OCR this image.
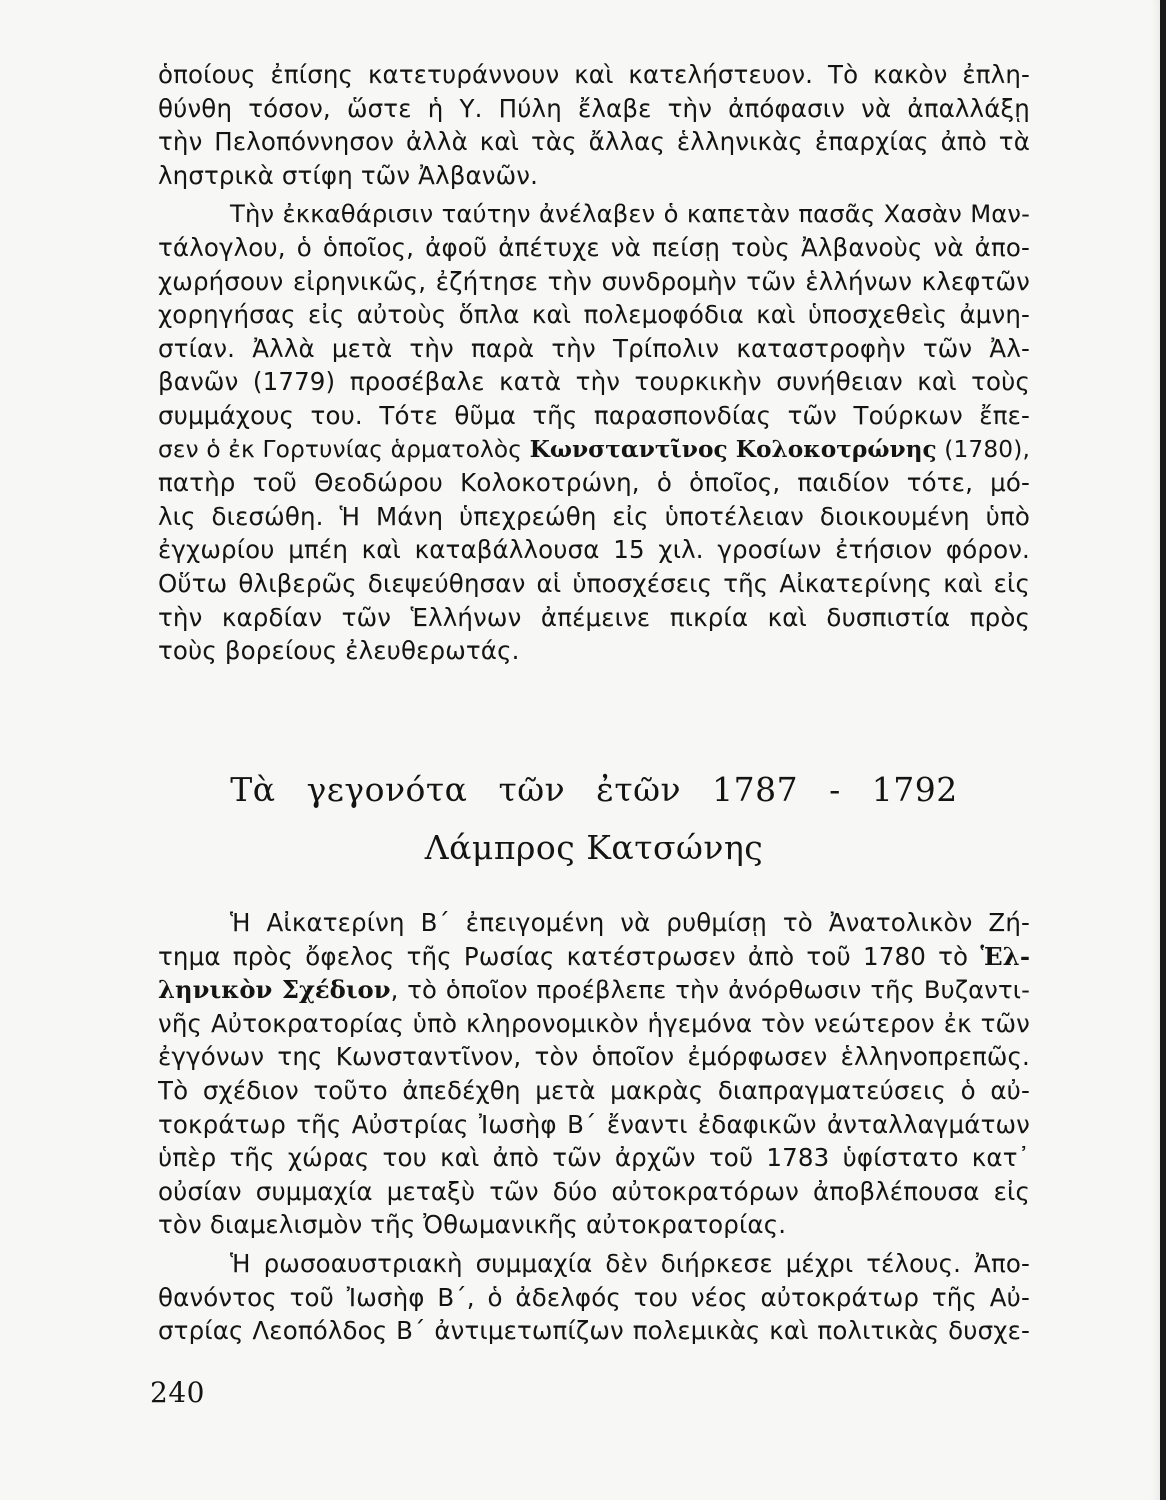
ὁποίους ἐπίσης κατετυράννουν καὶ κατελήστευον. Τὸ κακὸν ἐπλη-
θύνθη τόσον, ὥστε ἡ Υ. Πύλη ἔλαβε τὴν ἀπόφασιν νὰ ἀπαλλάξῃ
τὴν Πελοπόννησον ἀλλὰ καὶ τὰς ἄλλας ἑλληνικὰς ἐπαρχίας ἀπὸ τὰ
ληστρικὰ στίφη τῶν Ἀλβανῶν.
Τὴν ἐκκαθάρισιν ταύτην ἀνέλαβεν ὁ καπετὰν πασᾶς Χασὰν Μαν-
τάλογλου, ὁ ὁποῖος, ἀφοῦ ἀπέτυχε νὰ πείσῃ τοὺς Ἀλβανοὺς νὰ ἀπο-
χωρήσουν εἰρηνικῶς, ἐζήτησε τὴν συνδρομὴν τῶν ἑλλήνων κλεφτῶν
χορηγήσας εἰς αὐτοὺς ὅπλα καὶ πολεμοφόδια καὶ ὑποσχεθεὶς ἀμνη-
στίαν. Ἀλλὰ μετὰ τὴν παρὰ τὴν Τρίπολιν καταστροφὴν τῶν Ἀλ-
βανῶν (1779) προσέβαλε κατὰ τὴν τουρκικὴν συνήθειαν καὶ τοὺς
συμμάχους του. Τότε θῦμα τῆς παρασπονδίας τῶν Τούρκων ἔπε-
σεν ὁ ἐκ Γορτυνίας ἁρματολὸς Κωνσταντῖνος Κολοκοτρώνης (1780),
πατὴρ τοῦ Θεοδώρου Κολοκοτρώνη, ὁ ὁποῖος, παιδίον τότε, μό-
λις διεσώθη. Ἡ Μάνη ὑπεχρεώθη εἰς ὑποτέλειαν διοικουμένη ὑπὸ
ἐγχωρίου μπέη καὶ καταβάλλουσα 15 χιλ. γροσίων ἐτήσιον φόρον.
Οὕτω θλιβερῶς διεψεύθησαν αἱ ὑποσχέσεις τῆς Αἰκατερίνης καὶ εἰς
τὴν καρδίαν τῶν Ἑλλήνων ἀπέμεινε πικρία καὶ δυσπιστία πρὸς
τοὺς βορείους ἐλευθερωτάς.
Τὰ γεγονότα τῶν ἐτῶν 1787 - 1792
Λάμπρος Κατσώνης
Ἡ Αἰκατερίνη Β΄ ἐπειγομένη νὰ ρυθμίσῃ τὸ Ἀνατολικὸν Ζή-
τημα πρὸς ὄφελος τῆς Ρωσίας κατέστρωσεν ἀπὸ τοῦ 1780 τὸ Ἑλ-
ληνικὸν Σχέδιον, τὸ ὁποῖον προέβλεπε τὴν ἀνόρθωσιν τῆς Βυζαντι-
νῆς Αὐτοκρατορίας ὑπὸ κληρονομικὸν ἡγεμόνα τὸν νεώτερον ἐκ τῶν
ἐγγόνων της Κωνσταντῖνον, τὸν ὁποῖον ἐμόρφωσεν ἑλληνοπρεπῶς.
Τὸ σχέδιον τοῦτο ἀπεδέχθη μετὰ μακρὰς διαπραγματεύσεις ὁ αὐ-
τοκράτωρ τῆς Αὐστρίας Ἰωσὴφ Β΄ ἔναντι ἐδαφικῶν ἀνταλλαγμάτων
ὑπὲρ τῆς χώρας του καὶ ἀπὸ τῶν ἀρχῶν τοῦ 1783 ὑφίστατο κατ᾿
οὐσίαν συμμαχία μεταξὺ τῶν δύο αὐτοκρατόρων ἀποβλέπουσα εἰς
τὸν διαμελισμὸν τῆς Ὀθωμανικῆς αὐτοκρατορίας.
Ἡ ρωσοαυστριακὴ συμμαχία δὲν διήρκεσε μέχρι τέλους. Ἀπο-
θανόντος τοῦ Ἰωσὴφ Β΄, ὁ ἀδελφός του νέος αὐτοκράτωρ τῆς Αὐ-
στρίας Λεοπόλδος Β΄ ἀντιμετωπίζων πολεμικὰς καὶ πολιτικὰς δυσχε-
240
